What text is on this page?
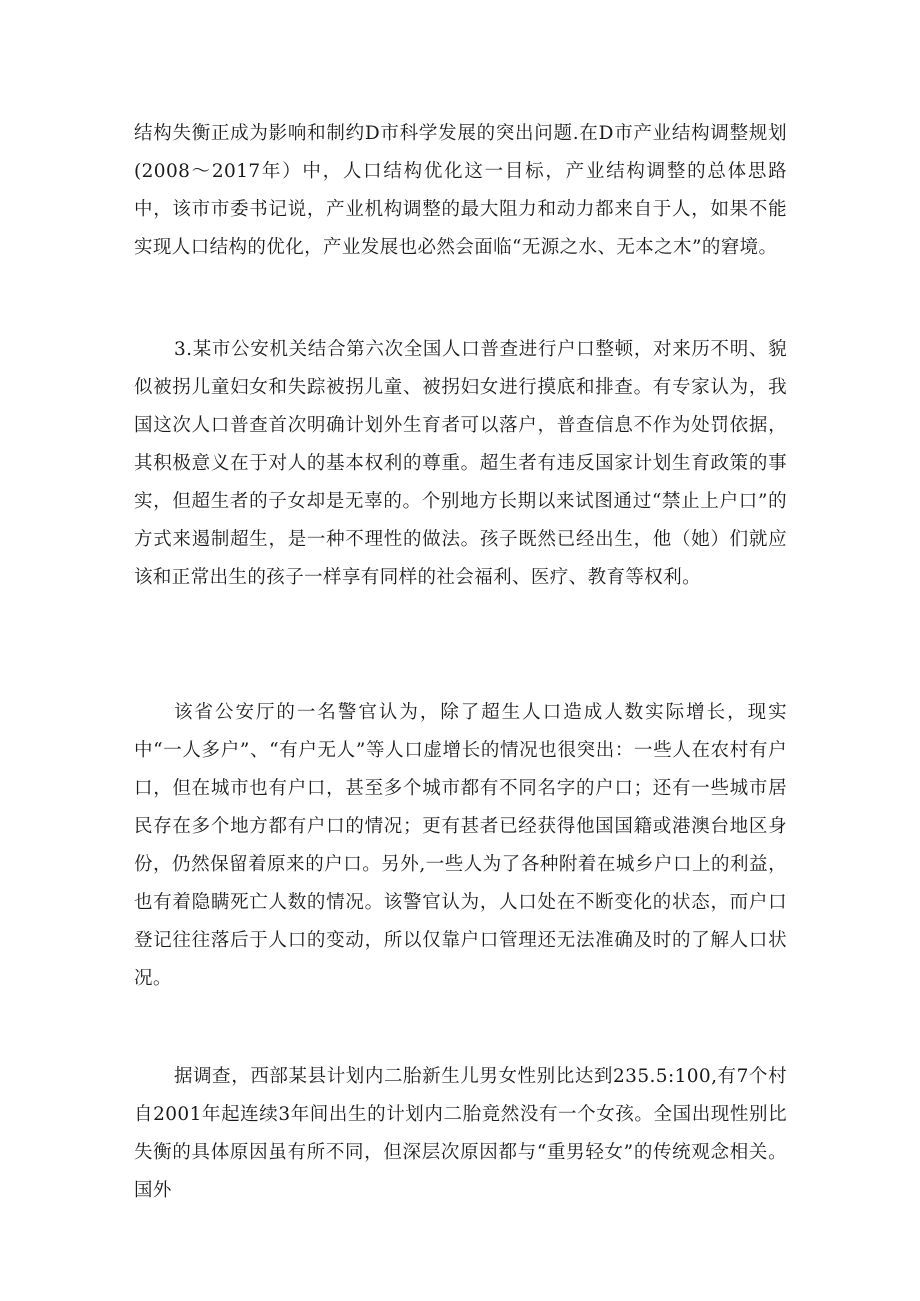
结构失衡正成为影响和制约D市科学发展的突出问题.在D市产业结构调整规划(2008～2017年）中，人口结构优化这一目标，产业结构调整的总体思路中，该市市委书记说，产业机构调整的最大阻力和动力都来自于人，如果不能实现人口结构的优化，产业发展也必然会面临“无源之水、无本之木”的窘境。

3.某市公安机关结合第六次全国人口普查进行户口整顿，对来历不明、貌似被拐儿童妇女和失踪被拐儿童、被拐妇女进行摸底和排查。有专家认为，我国这次人口普查首次明确计划外生育者可以落户，普查信息不作为处罚依据，其积极意义在于对人的基本权利的尊重。超生者有违反国家计划生育政策的事实，但超生者的子女却是无辜的。个别地方长期以来试图通过“禁止上户口”的方式来遏制超生，是一种不理性的做法。孩子既然已经出生，他（她）们就应该和正常出生的孩子一样享有同样的社会福利、医疗、教育等权利。

该省公安厅的一名警官认为，除了超生人口造成人数实际增长，现实中“一人多户”、“有户无人”等人口虚增长的情况也很突出：一些人在农村有户口，但在城市也有户口，甚至多个城市都有不同名字的户口；还有一些城市居民存在多个地方都有户口的情况；更有甚者已经获得他国国籍或港澳台地区身份，仍然保留着原来的户口。另外,一些人为了各种附着在城乡户口上的利益，也有着隐瞒死亡人数的情况。该警官认为，人口处在不断变化的状态，而户口登记往往落后于人口的变动，所以仅靠户口管理还无法准确及时的了解人口状况。

据调查，西部某县计划内二胎新生儿男女性别比达到235.5:100,有7个村自2001年起连续3年间出生的计划内二胎竟然没有一个女孩。全国出现性别比失衡的具体原因虽有所不同，但深层次原因都与“重男轻女”的传统观念相关。国外
